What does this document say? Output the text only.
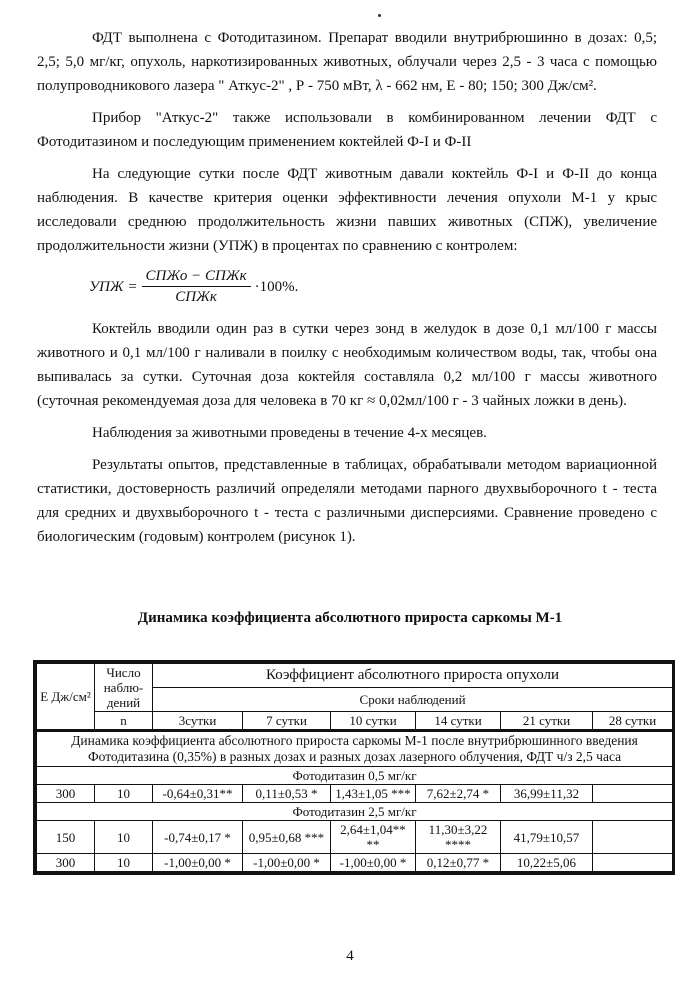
ФДТ выполнена с Фотодитазином. Препарат вводили внутрибрюшинно в дозах: 0,5; 2,5; 5,0 мг/кг, опухоль, наркотизированных животных, облучали через 2,5 - 3 часа с помощью полупроводникового лазера " Аткус-2" , Р - 750 мВт, λ - 662 нм, Е - 80; 150; 300 Дж/см².

Прибор "Аткус-2" также использовали в комбинированном лечении ФДТ с Фотодитазином и последующим применением коктейлей Ф-I и Ф-II

На следующие сутки после ФДТ животным давали коктейль Ф-I и Ф-II до конца наблюдения. В качестве критерия оценки эффективности лечения опухоли М-1 у крыс исследовали среднюю продолжительность жизни павших животных (СПЖ), увеличение продолжительности жизни (УПЖ) в процентах по сравнению с контролем:

УПЖ = $\frac{\text{СПЖо − СПЖк}}{\text{СПЖк}} \cdot 100\%$.

Коктейль вводили один раз в сутки через зонд в желудок в дозе 0,1 мл/100 г массы животного и 0,1 мл/100 г наливали в поилку с необходимым количеством воды, так, чтобы она выпивалась за сутки. Суточная доза коктейля составляла 0,2 мл/100 г массы животного (суточная рекомендуемая доза для человека в 70 кг ≈ 0,02мл/100 г - 3 чайных ложки в день).

Наблюдения за животными проведены в течение 4-х месяцев.

Результаты опытов, представленные в таблицах, обрабатывали методом вариационной статистики, достоверность различий определяли методами парного двухвыборочного t - теста для средних и двухвыборочного t - теста с различными дисперсиями. Сравнение проведено с биологическим (годовым) контролем (рисунок 1).

Динамика коэффициента абсолютного прироста саркомы М-1
Е Дж/см²	Число наблю-дений	Коэффициент абсолютного прироста опухоли					
		Сроки наблюдений					
	n	3сутки	7 сутки	10 сутки	14 сутки	21 сутки	28 сутки
Динамика коэффициента абсолютного прироста саркомы М-1 после внутрибрюшинного введения Фотодитазина (0,35%) в разных дозах и разных дозах лазерного облучения, ФДТ ч/з 2,5 часа							
Фотодитазин 0,5 мг/кг							
300	10	-0,64±0,31**	0,11±0,53 *	1,43±1,05 ***	7,62±2,74 *	36,99±11,32	
Фотодитазин 2,5 мг/кг							
150	10	-0,74±0,17 *	0,95±0,68 ***	2,64±1,04** **	11,30±3,22 ****	41,79±10,57	
300	10	-1,00±0,00 *	-1,00±0,00 *	-1,00±0,00 *	0,12±0,77 *	10,22±5,06	
4
